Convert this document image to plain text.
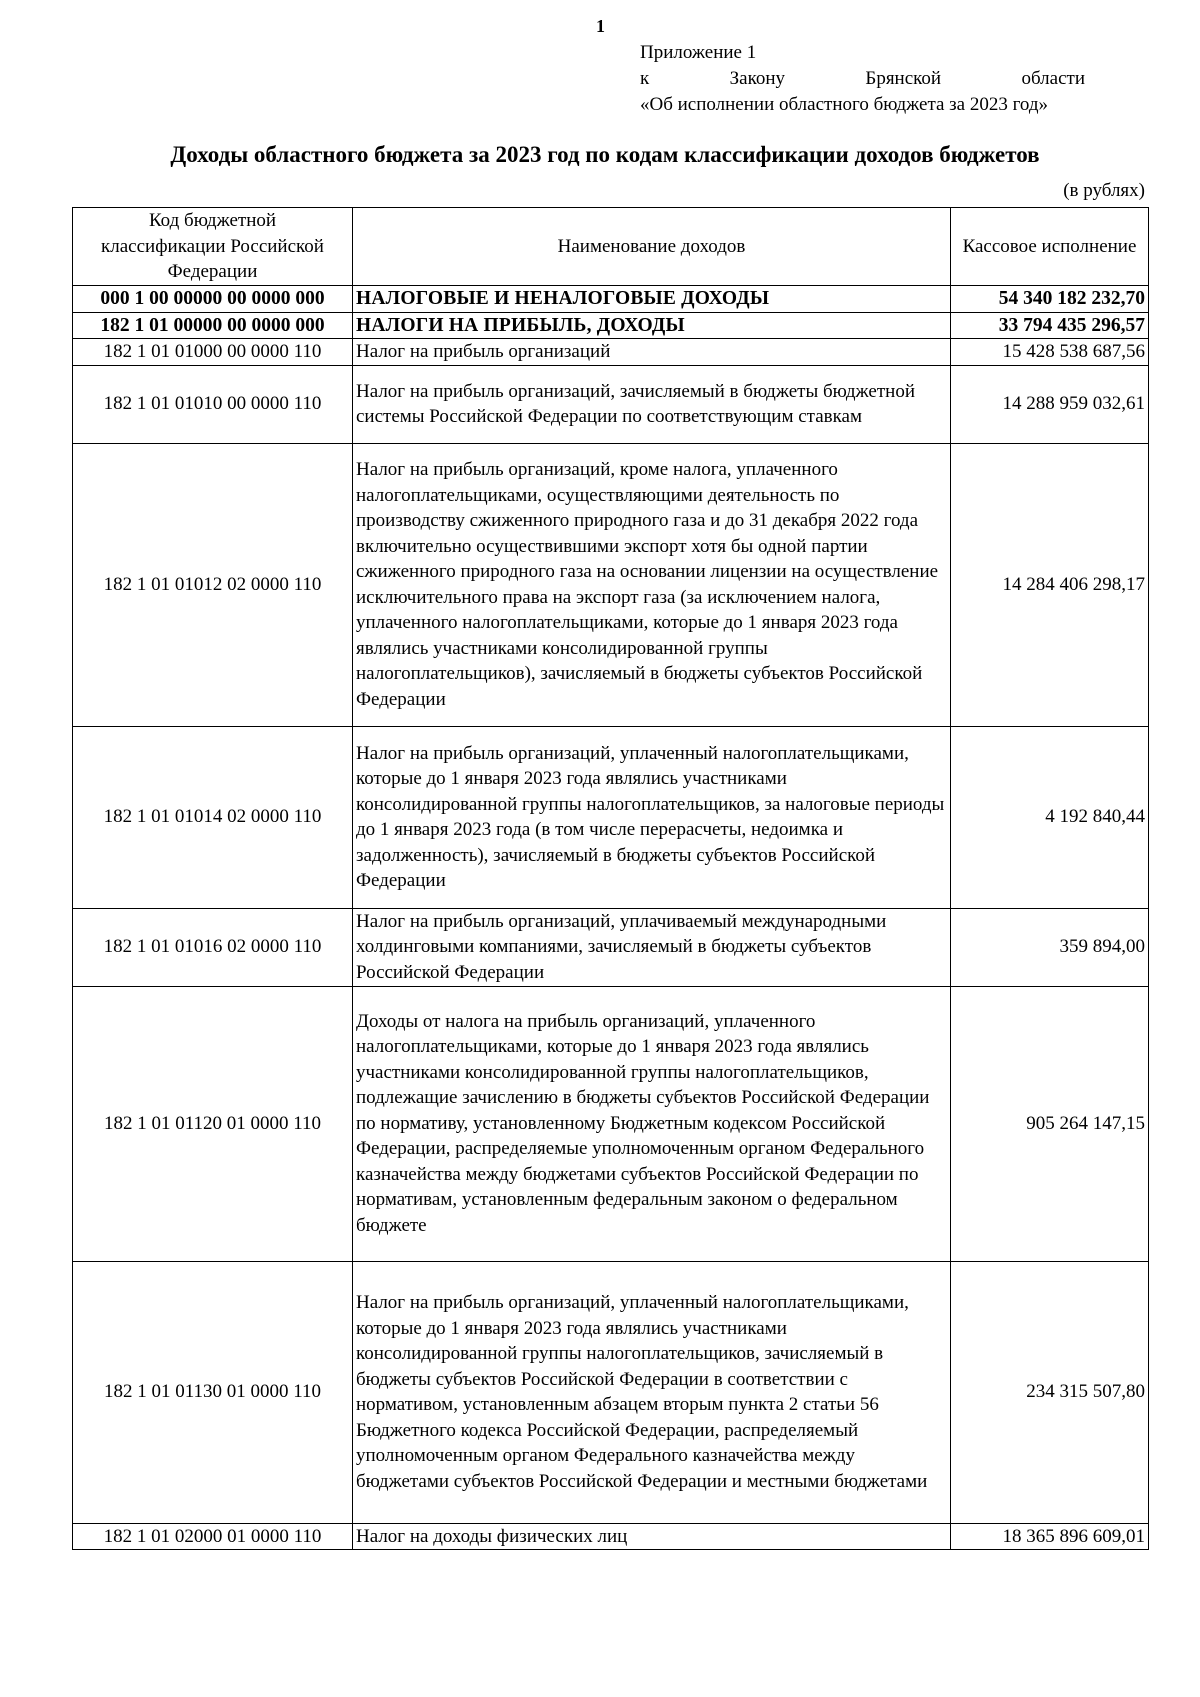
1
Приложение 1
к	Закону	Брянской	области
«Об исполнении областного бюджета за 2023 год»
Доходы областного бюджета за 2023 год по кодам классификации доходов бюджетов
(в рублях)
Код бюджетной классификации Российской Федерации	Наименование доходов	Кассовое исполнение
000 1 00 00000 00 0000 000	НАЛОГОВЫЕ И НЕНАЛОГОВЫЕ ДОХОДЫ	54 340 182 232,70
182 1 01 00000 00 0000 000	НАЛОГИ НА ПРИБЫЛЬ, ДОХОДЫ	33 794 435 296,57
182 1 01 01000 00 0000 110	Налог на прибыль организаций	15 428 538 687,56
182 1 01 01010 00 0000 110	Налог на прибыль организаций, зачисляемый в бюджеты бюджетной системы Российской Федерации по соответствующим ставкам	14 288 959 032,61
182 1 01 01012 02 0000 110	Налог на прибыль организаций, кроме налога, уплаченного налогоплательщиками, осуществляющими деятельность по производству сжиженного природного газа и до 31 декабря 2022 года включительно осуществившими экспорт хотя бы одной партии сжиженного природного газа на основании лицензии на осуществление исключительного права на экспорт газа (за исключением налога, уплаченного налогоплательщиками, которые до 1 января 2023 года являлись участниками консолидированной группы налогоплательщиков), зачисляемый в бюджеты субъектов Российской Федерации	14 284 406 298,17
182 1 01 01014 02 0000 110	Налог на прибыль организаций, уплаченный налогоплательщиками, которые до 1 января 2023 года являлись участниками консолидированной группы налогоплательщиков, за налоговые периоды до 1 января 2023 года (в том числе перерасчеты, недоимка и задолженность), зачисляемый в бюджеты субъектов Российской Федерации	4 192 840,44
182 1 01 01016 02 0000 110	Налог на прибыль организаций, уплачиваемый международными холдинговыми компаниями, зачисляемый в бюджеты субъектов Российской Федерации	359 894,00
182 1 01 01120 01 0000 110	Доходы от налога на прибыль организаций, уплаченного налогоплательщиками, которые до 1 января 2023 года являлись участниками консолидированной группы налогоплательщиков, подлежащие зачислению в бюджеты субъектов Российской Федерации по нормативу, установленному Бюджетным кодексом Российской Федерации, распределяемые уполномоченным органом Федерального казначейства между бюджетами субъектов Российской Федерации по нормативам, установленным федеральным законом о федеральном бюджете	905 264 147,15
182 1 01 01130 01 0000 110	Налог на прибыль организаций, уплаченный налогоплательщиками, которые до 1 января 2023 года являлись участниками консолидированной группы налогоплательщиков, зачисляемый в бюджеты субъектов Российской Федерации в соответствии с нормативом, установленным абзацем вторым пункта 2 статьи 56 Бюджетного кодекса Российской Федерации, распределяемый уполномоченным органом Федерального казначейства между бюджетами субъектов Российской Федерации и местными бюджетами	234 315 507,80
182 1 01 02000 01 0000 110	Налог на доходы физических лиц	18 365 896 609,01
